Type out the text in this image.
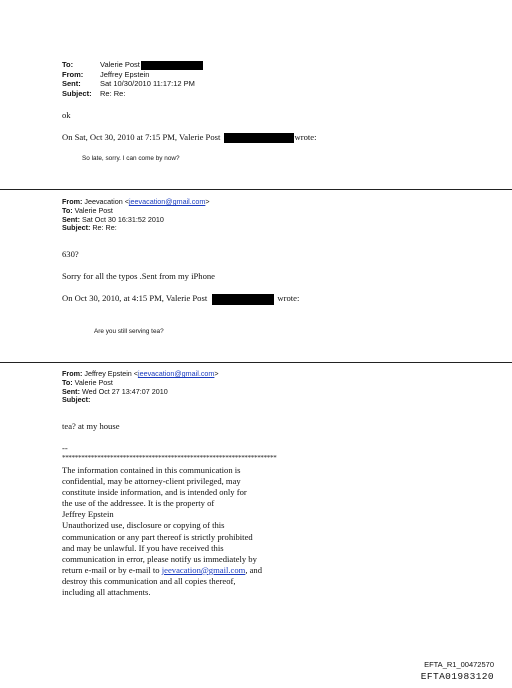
To:	Valerie Post
From:	Jeffrey Epstein
Sent:	Sat 10/30/2010 11:17:12 PM
Subject:	Re: Re:
ok
On Sat, Oct 30, 2010 at 7:15 PM, Valerie Post	wrote:
So late, sorry. I can come by now?
From: Jeevacation <jeevacation@gmail.com>
To: Valerie Post
Sent: Sat Oct 30 16:31:52 2010
Subject: Re: Re:
630?
Sorry for all the typos .Sent from my iPhone
On Oct 30, 2010, at 4:15 PM, Valerie Post	wrote:
Are you still serving tea?
From: Jeffrey Epstein <jeevacation@gmail.com>
To: Valerie Post
Sent: Wed Oct 27 13:47:07 2010
Subject:
tea? at my house
--
*******************************************************************
The information contained in this communication is
confidential, may be attorney-client privileged, may
constitute inside information, and is intended only for
the use of the addressee. It is the property of
Jeffrey Epstein
Unauthorized use, disclosure or copying of this
communication or any part thereof is strictly prohibited
and may be unlawful. If you have received this
communication in error, please notify us immediately by
return e-mail or by e-mail to jeevacation@gmail.com, and
destroy this communication and all copies thereof,
including all attachments.
EFTA_R1_00472570
EFTA01983120
